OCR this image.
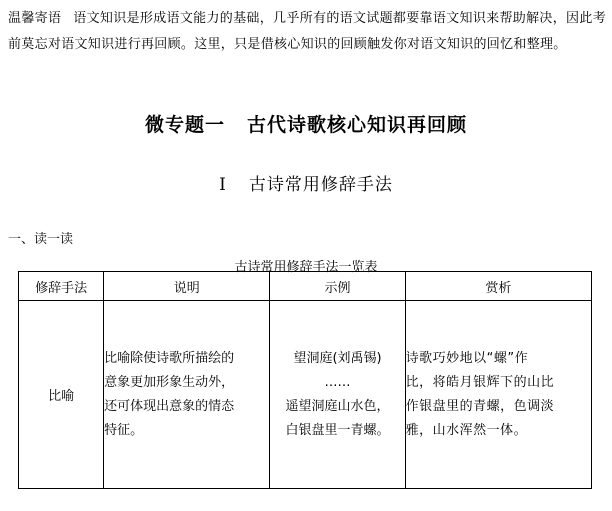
温馨寄语 语文知识是形成语文能力的基础，几乎所有的语文试题都要靠语文知识来帮助解决，因此考前莫忘对语文知识进行再回顾。这里，只是借核心知识的回顾触发你对语文知识的回忆和整理。
微专题一 古代诗歌核心知识再回顾
Ⅰ 古诗常用修辞手法
一、读一读
古诗常用修辞手法一览表
修辞手法	说明	示例	赏析
比喻	比喻除使诗歌所描绘的
意象更加形象生动外，
还可体现出意象的情态
特征。	望洞庭(刘禹锡)
……
遥望洞庭山水色，
白银盘里一青螺。	诗歌巧妙地以“螺”作
比，将皓月银辉下的山比
作银盘里的青螺，色调淡
雅，山水浑然一体。
